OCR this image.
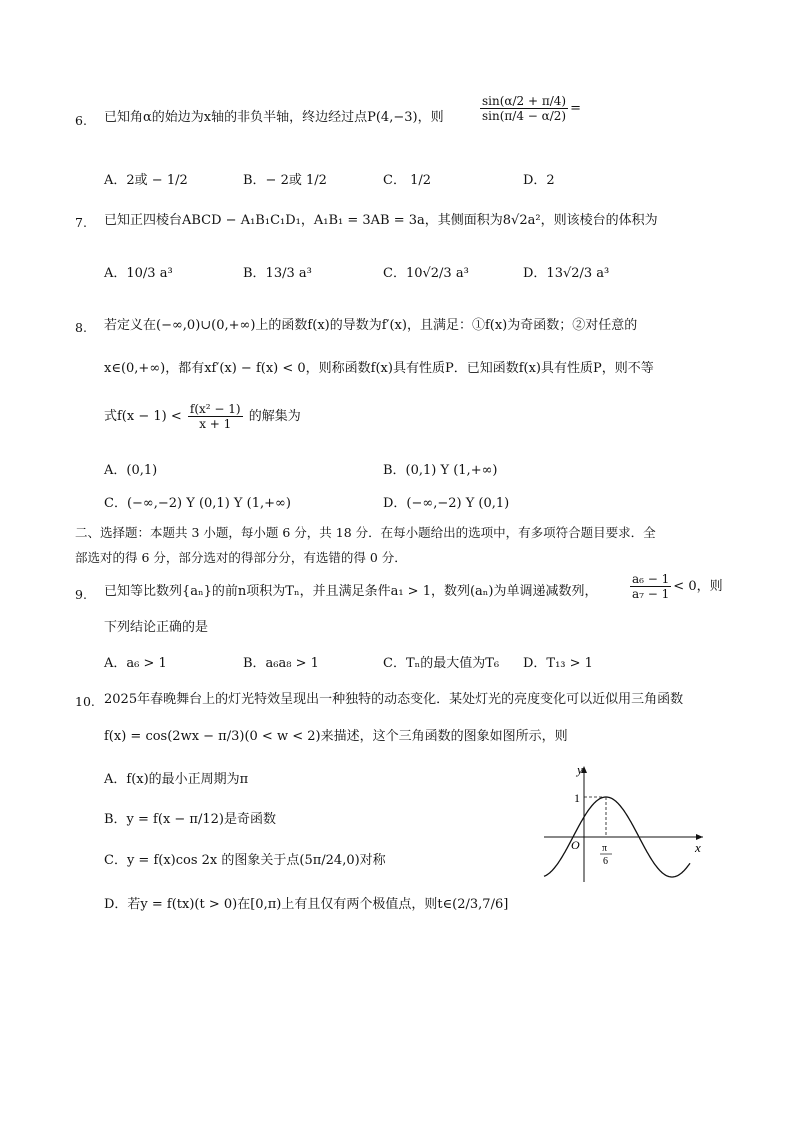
6. 已知角α的始边为x轴的非负半轴，终边经过点P(4,−3)，则	$\frac{\sin(\alpha/2 + \pi/4)}{\sin(\pi/4 - \alpha/2)}$ =
A．2或 − 1/2	B．− 2或 1/2	C． 1/2	D．2
7. 已知正四棱台ABCD − A₁B₁C₁D₁，A₁B₁ = 3AB = 3a，其侧面积为8√2a²，则该棱台的体积为
A．10/3 a³	B．13/3 a³	C．10√2/3 a³	D．13√2/3 a³
8. 若定义在(−∞,0)∪(0,+∞)上的函数f(x)的导数为f′(x)，且满足：①f(x)为奇函数；②对任意的
x∈(0,+∞)，都有xf′(x) − f(x) < 0，则称函数f(x)具有性质P．已知函数f(x)具有性质P，则不等
式$f(x - 1) < \frac{\text{f(x² − 1)}}{x + 1}$ 的解集为
A．(0,1)	B．(0,1) Y (1,+∞)
C．(−∞,−2) Y (0,1) Y (1,+∞)	D．(−∞,−2) Y (0,1)
二、选择题：本题共 3 小题，每小题 6 分，共 18 分．在每小题给出的选项中，有多项符合题目要求．全
部选对的得 6 分，部分选对的得部分分，有选错的得 0 分．
9. 已知等比数列{aₙ}的前n项积为Tₙ，并且满足条件a₁ > 1，数列(aₙ)为单调递减数列，	$\frac{\text{a₆ − 1}}{\text{a₇ − 1}} < 0$，则
下列结论正确的是
A．a₆ > 1	B．a₆a₈ > 1	C．Tₙ的最大值为T₆ D．T₁₃ > 1
10. 2025年春晚舞台上的灯光特效呈现出一种独特的动态变化．某处灯光的亮度变化可以近似用三角函数
f(x) = cos(2wx − π/3)(0 < w < 2)来描述，这个三角函数的图象如图所示，则
A．f(x)的最小正周期为π
B．y = f(x − π/12)是奇函数
C．y = f(x)cos 2x 的图象关于点(5π/24,0)对称
D．若y = f(tx)(t > 0)在[0,π)上有且仅有两个极值点，则t∈(2/3,7/6]
y
x
O
1
π
6
